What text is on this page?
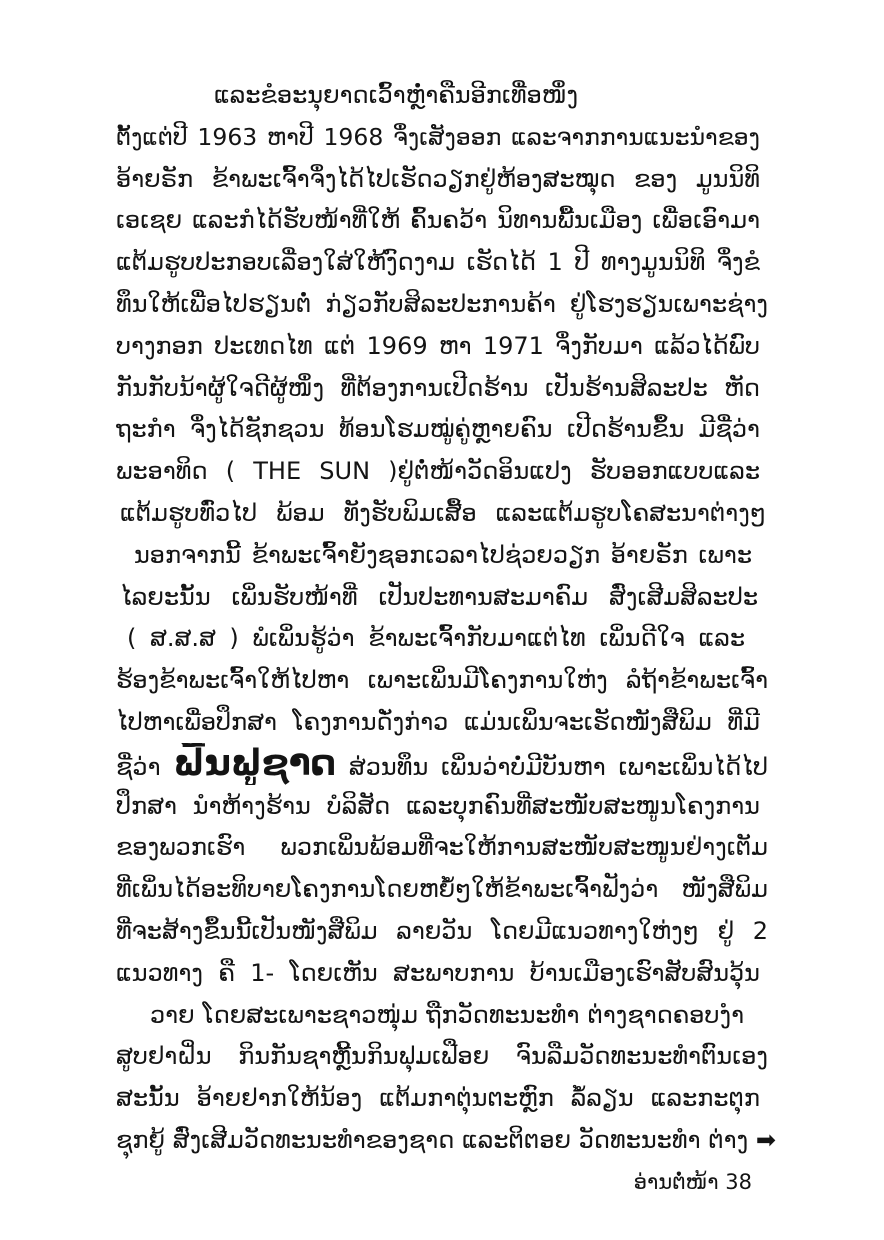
ແລະຂໍອະນຸຍາດເວົ້າຫຼໍ່າຄືນອີກເທື່ອໜຶ່ງ
ຕັ້ງແຕ່ປີ 1963 ຫາປີ 1968 ຈຶ່ງເສັງອອກ ແລະຈາກການແນະນຳຂອງ
ອ້າຍຣັກ ຂ້າພະເຈົ້າຈຶ່ງໄດ້ໄປເຮັດວຽກຢູ່ຫ້ອງສະໝຸດ ຂອງ ມູນນິທິ
ເອເຊຍ ແລະກໍໄດ້ຮັບໜ້າທີ່ໃຫ້ ຄົ້ນຄວ້າ ນິທານພື້ນເມືອງ ເພື່ອເອົາມາ
ແຕ້ມຮູບປະກອບເລື່ອງໃສ່ໃຫ້ງົດງາມ ເຮັດໄດ້ 1 ປີ ທາງມູນນິທິ ຈຶ່ງຂໍ
ທຶນໃຫ້ເພື່ອໄປຮຽນຕໍ່ ກ່ຽວກັບສິລະປະການຄ້າ ຢູ່ໂຮງຮຽນເພາະຊ່າງ
ບາງກອກ ປະເທດໄທ ແຕ່ 1969 ຫາ 1971 ຈຶ່ງກັບມາ ແລ້ວໄດ້ພົບ
ກັນກັບນ້າຜູ້ໃຈດີຜູ້ໜຶ່ງ ທີ່ຕ້ອງການເປີດຮ້ານ ເປັນຮ້ານສິລະປະ ຫັດ
ຖະກຳ ຈຶ່ງໄດ້ຊັກຊວນ ທ້ອນໂຮມໝູ່ຄູ່ຫຼາຍຄົນ ເປີດຮ້ານຂຶ້ນ ມີຊື່ວ່າ
ພະອາທິດ ( THE SUN )ຢູ່ຕໍ່ໜ້າວັດອິນແປງ ຮັບອອກແບບແລະ
ແຕ້ມຮູບທົ່ວໄປ ພ້ອມ ທັງຮັບພິມເສື້ອ ແລະແຕ້ມຮູບໂຄສະນາຕ່າງໆ
ນອກຈາກນີ້ ຂ້າພະເຈົ້າຍັງຊອກເວລາໄປຊ່ວຍວຽກ ອ້າຍຣັກ ເພາະ
ໄລຍະນັ້ນ ເພິ່ນຮັບໜ້າທີ່ ເປັນປະທານສະມາຄົມ ສົ່ງເສີມສິລະປະ
( ສ.ສ.ສ ) ພໍເພິ່ນຮູ້ວ່າ ຂ້າພະເຈົ້າກັບມາແຕ່ໄທ ເພິ່ນດີໃຈ ແລະ
ຮ້ອງຂ້າພະເຈົ້າໃຫ້ໄປຫາ ເພາະເພິ່ນມີໂຄງການໃຫ່ງ ລໍຖ້າຂ້າພະເຈົ້າ
ໄປຫາເພື່ອປຶກສາ ໂຄງການດັ່ງກ່າວ ແມ່ນເພິ່ນຈະເຮັດໜັງສືພິມ ທີ່ມີ
ຊື່ວ່າ ຟື້ນຟູຊາດ ສ່ວນທຶນ ເພິ່ນວ່າບໍ່ມີບັນຫາ ເພາະເພິ່ນໄດ້ໄປ
ປຶກສາ ນຳຫ້າງຮ້ານ ບໍລິສັດ ແລະບຸກຄົນທີ່ສະໜັບສະໜູນໂຄງການ
ຂອງພວກເຮົາ ພວກເພິ່ນພ້ອມທີ່ຈະໃຫ້ການສະໜັບສະໜູນຢ່າງເຕັມ
ທີ່ເພິ່ນໄດ້ອະທິບາຍໂຄງການໂດຍຫຍໍ້ໆໃຫ້ຂ້າພະເຈົ້າຟັງວ່າ ໜັງສືພິມ
ທີ່ຈະສ້າງຂຶ້ນນີ້ເປັນໜັງສືພິມ ລາຍວັນ ໂດຍມີແນວທາງໃຫ່ງໆ ຢູ່ 2
ແນວທາງ ຄື 1- ໂດຍເຫັນ ສະພາບການ ບ້ານເມືອງເຮົາສັບສົນວຸ້ນ
ວາຍ ໂດຍສະເພາະຊາວໜຸ່ມ ຖືກວັດທະນະທຳ ຕ່າງຊາດຄອບງຳ
ສູບຢາຝິ່ນ ກິນກັນຊາຫຼີ້ນກິນຟຸມເຟືອຍ ຈົນລືມວັດທະນະທຳຕົນເອງ
ສະນັ້ນ ອ້າຍຢາກໃຫ້ນ້ອງ ແຕ້ມກາຕຸ່ນຕະຫຼົກ ລໍ້ລຽນ ແລະກະຕຸກ
ຊຸກຍູ້ ສົ່ງເສີມວັດທະນະທຳຂອງຊາດ ແລະຕິຕອຍ ວັດທະນະທຳ ຕ່າງ ➡
ອ່ານຕໍ່ໜ້າ 38
